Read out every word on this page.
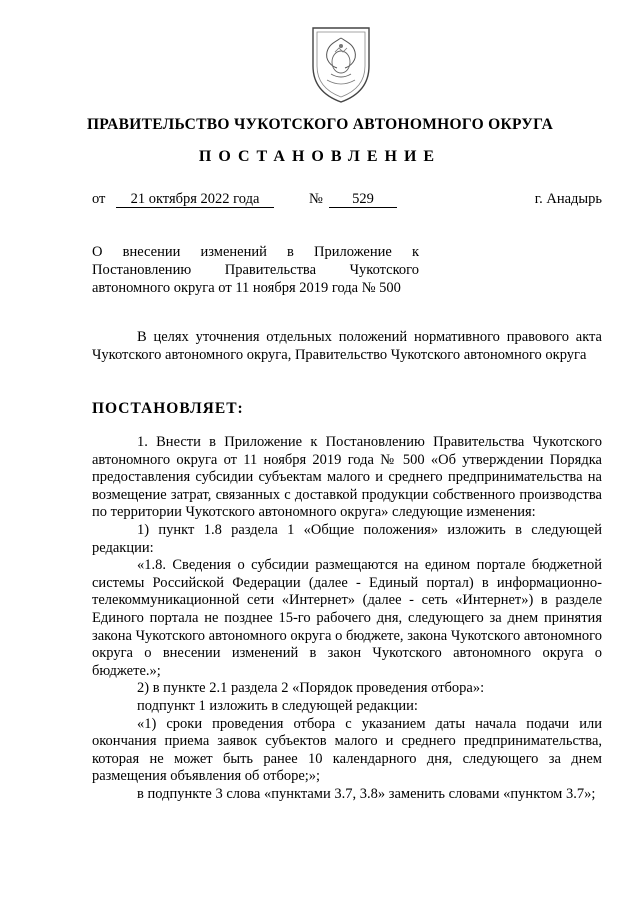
ПРАВИТЕЛЬСТВО ЧУКОТСКОГО АВТОНОМНОГО ОКРУГА
ПОСТАНОВЛЕНИЕ
от	21 октября 2022 года	№	529	г. Анадырь
О внесении изменений в Приложение к
Постановлению Правительства Чукотского
автономного округа от 11 ноября 2019 года № 500

В целях уточнения отдельных положений нормативного правового акта Чукотского автономного округа, Правительство Чукотского автономного округа

ПОСТАНОВЛЯЕТ:

1. Внести в Приложение к Постановлению Правительства Чукотского автономного округа от 11 ноября 2019 года № 500 «Об утверждении Порядка предоставления субсидии субъектам малого и среднего предпринимательства на возмещение затрат, связанных с доставкой продукции собственного производства по территории Чукотского автономного округа» следующие изменения:

1) пункт 1.8 раздела 1 «Общие положения» изложить в следующей редакции:

«1.8. Сведения о субсидии размещаются на едином портале бюджетной системы Российской Федерации (далее - Единый портал) в информационно-телекоммуникационной сети «Интернет» (далее - сеть «Интернет») в разделе Единого портала не позднее 15-го рабочего дня, следующего за днем принятия закона Чукотского автономного округа о бюджете, закона Чукотского автономного округа о внесении изменений в закон Чукотского автономного округа о бюджете.»;

2) в пункте 2.1 раздела 2 «Порядок проведения отбора»:

подпункт 1 изложить в следующей редакции:

«1) сроки проведения отбора с указанием даты начала подачи или окончания приема заявок субъектов малого и среднего предпринимательства, которая не может быть ранее 10 календарного дня, следующего за днем размещения объявления об отборе;»;

в подпункте 3 слова «пунктами 3.7, 3.8» заменить словами «пунктом 3.7»;
